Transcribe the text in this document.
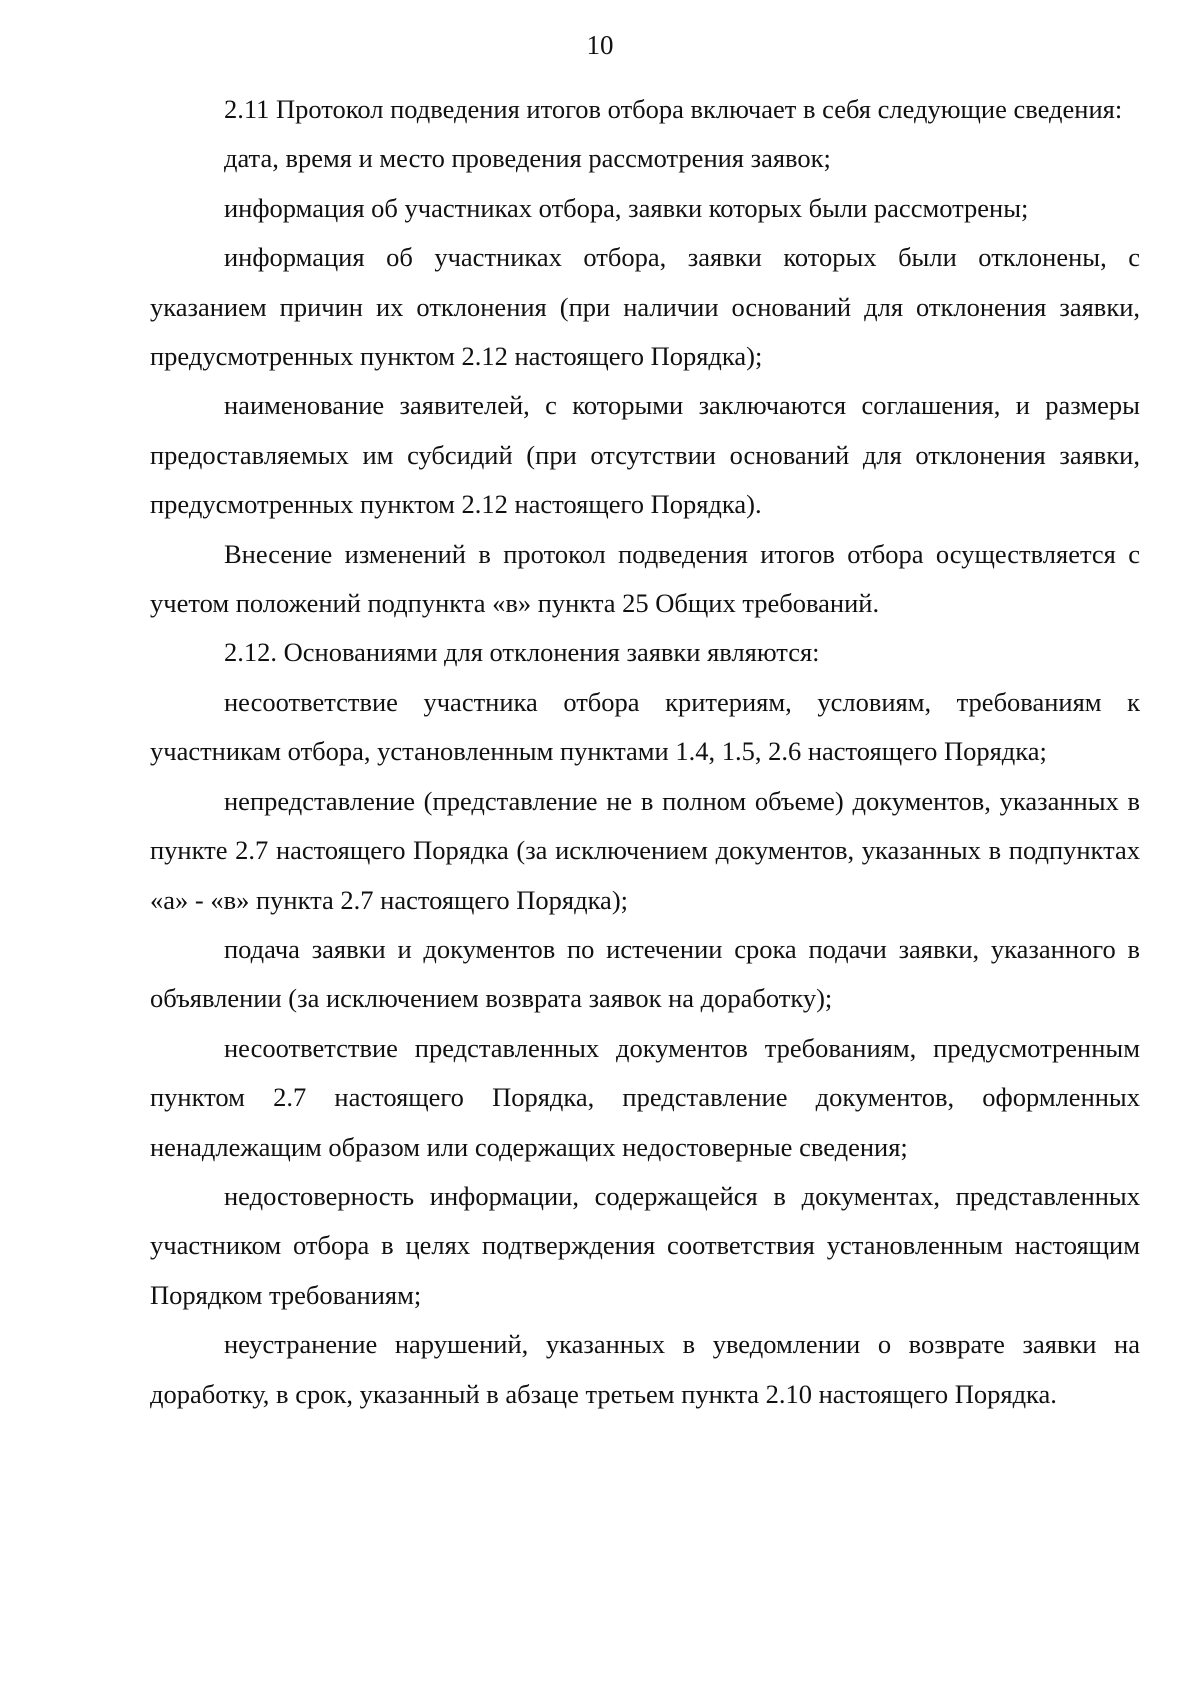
10

2.11 Протокол подведения итогов отбора включает в себя следующие сведения:

дата, время и место проведения рассмотрения заявок;

информация об участниках отбора, заявки которых были рассмотрены;

информация об участниках отбора, заявки которых были отклонены, с указанием причин их отклонения (при наличии оснований для отклонения заявки, предусмотренных пунктом 2.12 настоящего Порядка);

наименование заявителей, с которыми заключаются соглашения, и размеры предоставляемых им субсидий (при отсутствии оснований для отклонения заявки, предусмотренных пунктом 2.12 настоящего Порядка).

Внесение изменений в протокол подведения итогов отбора осуществляется с учетом положений подпункта «в» пункта 25 Общих требований.

2.12. Основаниями для отклонения заявки являются:

несоответствие участника отбора критериям, условиям, требованиям к участникам отбора, установленным пунктами 1.4, 1.5, 2.6 настоящего Порядка;

непредставление (представление не в полном объеме) документов, указанных в пункте 2.7 настоящего Порядка (за исключением документов, указанных в подпунктах «а» - «в» пункта 2.7 настоящего Порядка);

подача заявки и документов по истечении срока подачи заявки, указанного в объявлении (за исключением возврата заявок на доработку);

несоответствие представленных документов требованиям, предусмотренным пунктом 2.7 настоящего Порядка, представление документов, оформленных ненадлежащим образом или содержащих недостоверные сведения;

недостоверность информации, содержащейся в документах, представленных участником отбора в целях подтверждения соответствия установленным настоящим Порядком требованиям;

неустранение нарушений, указанных в уведомлении о возврате заявки на доработку, в срок, указанный в абзаце третьем пункта 2.10 настоящего Порядка.
